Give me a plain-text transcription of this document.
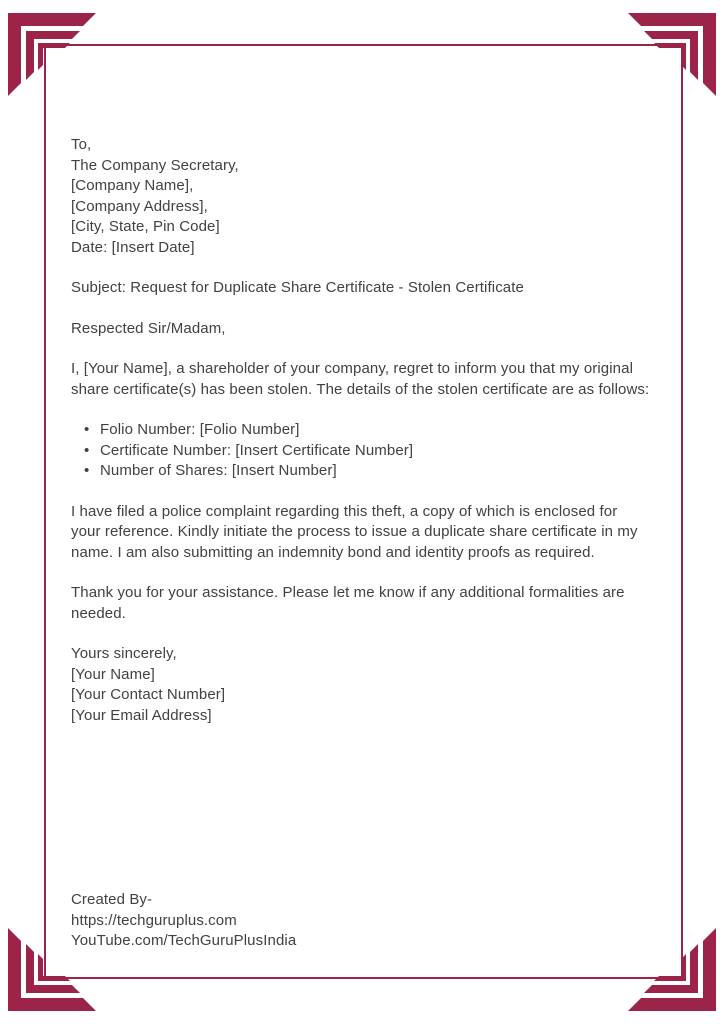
To,
The Company Secretary,
[Company Name],
[Company Address],
[City, State, Pin Code]
Date: [Insert Date]

Subject: Request for Duplicate Share Certificate - Stolen Certificate

Respected Sir/Madam,

I, [Your Name], a shareholder of your company, regret to inform you that my original share certificate(s) has been stolen. The details of the stolen certificate are as follows:

• Folio Number: [Folio Number]
• Certificate Number: [Insert Certificate Number]
• Number of Shares: [Insert Number]

I have filed a police complaint regarding this theft, a copy of which is enclosed for your reference. Kindly initiate the process to issue a duplicate share certificate in my name. I am also submitting an indemnity bond and identity proofs as required.

Thank you for your assistance. Please let me know if any additional formalities are needed.

Yours sincerely,
[Your Name]
[Your Contact Number]
[Your Email Address]
Created By-
https://techguruplus.com
YouTube.com/TechGuruPlusIndia
